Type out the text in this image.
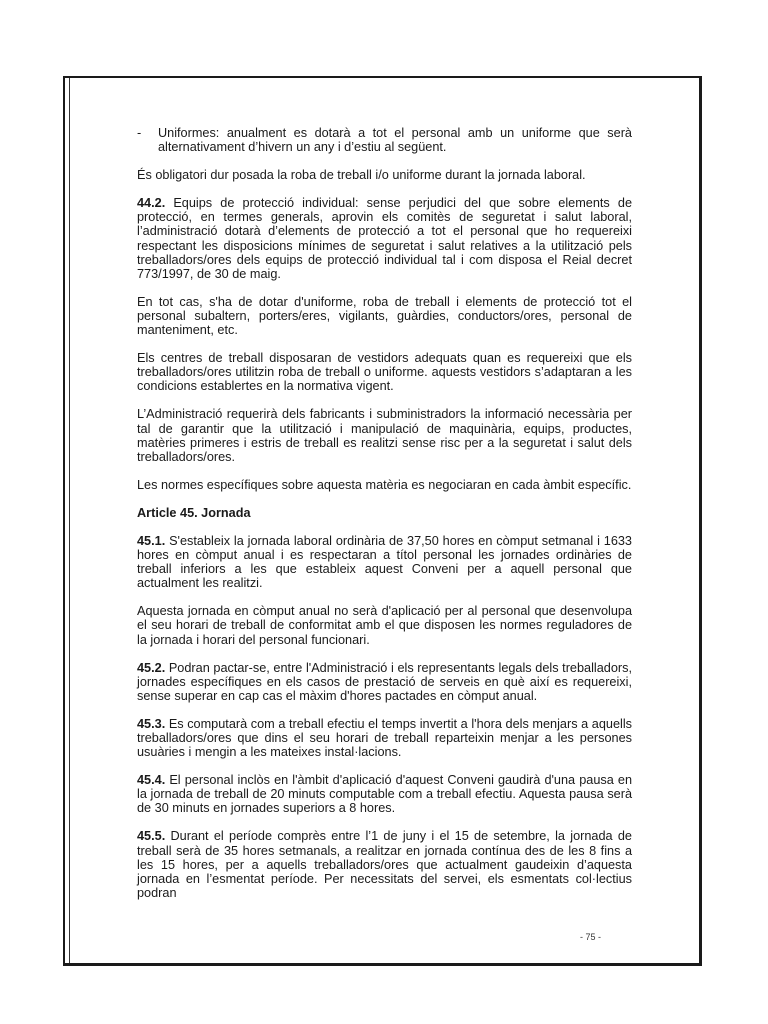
-	Uniformes: anualment es dotarà a tot el personal amb un uniforme que serà alternativament d’hivern un any i d’estiu al següent.

És obligatori dur posada la roba de treball i/o uniforme durant la jornada laboral.

44.2. Equips de protecció individual: sense perjudici del que sobre elements de protecció, en termes generals, aprovin els comitès de seguretat i salut laboral, l’administració dotarà d’elements de protecció a tot el personal que ho requereixi respectant les disposicions mínimes de seguretat i salut relatives a la utilització pels treballadors/ores dels equips de protecció individual tal i com disposa el Reial decret 773/1997, de 30 de maig.

En tot cas, s'ha de dotar d'uniforme, roba de treball i elements de protecció tot el personal subaltern, porters/eres, vigilants, guàrdies, conductors/ores, personal de manteniment, etc.

Els centres de treball disposaran de vestidors adequats quan es requereixi que els treballadors/ores utilitzin roba de treball o uniforme. aquests vestidors s’adaptaran a les condicions establertes en la normativa vigent.

L’Administració requerirà dels fabricants i subministradors la informació necessària per tal de garantir que la utilització i manipulació de maquinària, equips, productes, matèries primeres i estris de treball es realitzi sense risc per a la seguretat i salut dels treballadors/ores.

Les normes específiques sobre aquesta matèria es negociaran en cada àmbit específic.

Article 45. Jornada

45.1. S'estableix la jornada laboral ordinària de 37,50 hores en còmput setmanal i 1633 hores en còmput anual i es respectaran a títol personal les jornades ordinàries de treball inferiors a les que estableix aquest Conveni per a aquell personal que actualment les realitzi.

Aquesta jornada en còmput anual no serà d'aplicació per al personal que desenvolupa el seu horari de treball de conformitat amb el que disposen les normes reguladores de la jornada i horari del personal funcionari.

45.2. Podran pactar-se, entre l'Administració i els representants legals dels treballadors, jornades específiques en els casos de prestació de serveis en què així es requereixi, sense superar en cap cas el màxim d'hores pactades en còmput anual.

45.3. Es computarà com a treball efectiu el temps invertit a l'hora dels menjars a aquells treballadors/ores que dins el seu horari de treball reparteixin menjar a les persones usuàries i mengin a les mateixes instal·lacions.

45.4. El personal inclòs en l'àmbit d'aplicació d'aquest Conveni gaudirà d'una pausa en la jornada de treball de 20 minuts computable com a treball efectiu. Aquesta pausa serà de 30 minuts en jornades superiors a 8 hores.

45.5. Durant el període comprès entre l’1 de juny i el 15 de setembre, la jornada de treball serà de 35 hores setmanals, a realitzar en jornada contínua des de les 8 fins a les 15 hores, per a aquells treballadors/ores que actualment gaudeixin d’aquesta jornada en l’esmentat període. Per necessitats del servei, els esmentats col·lectius podran

- 75 -
